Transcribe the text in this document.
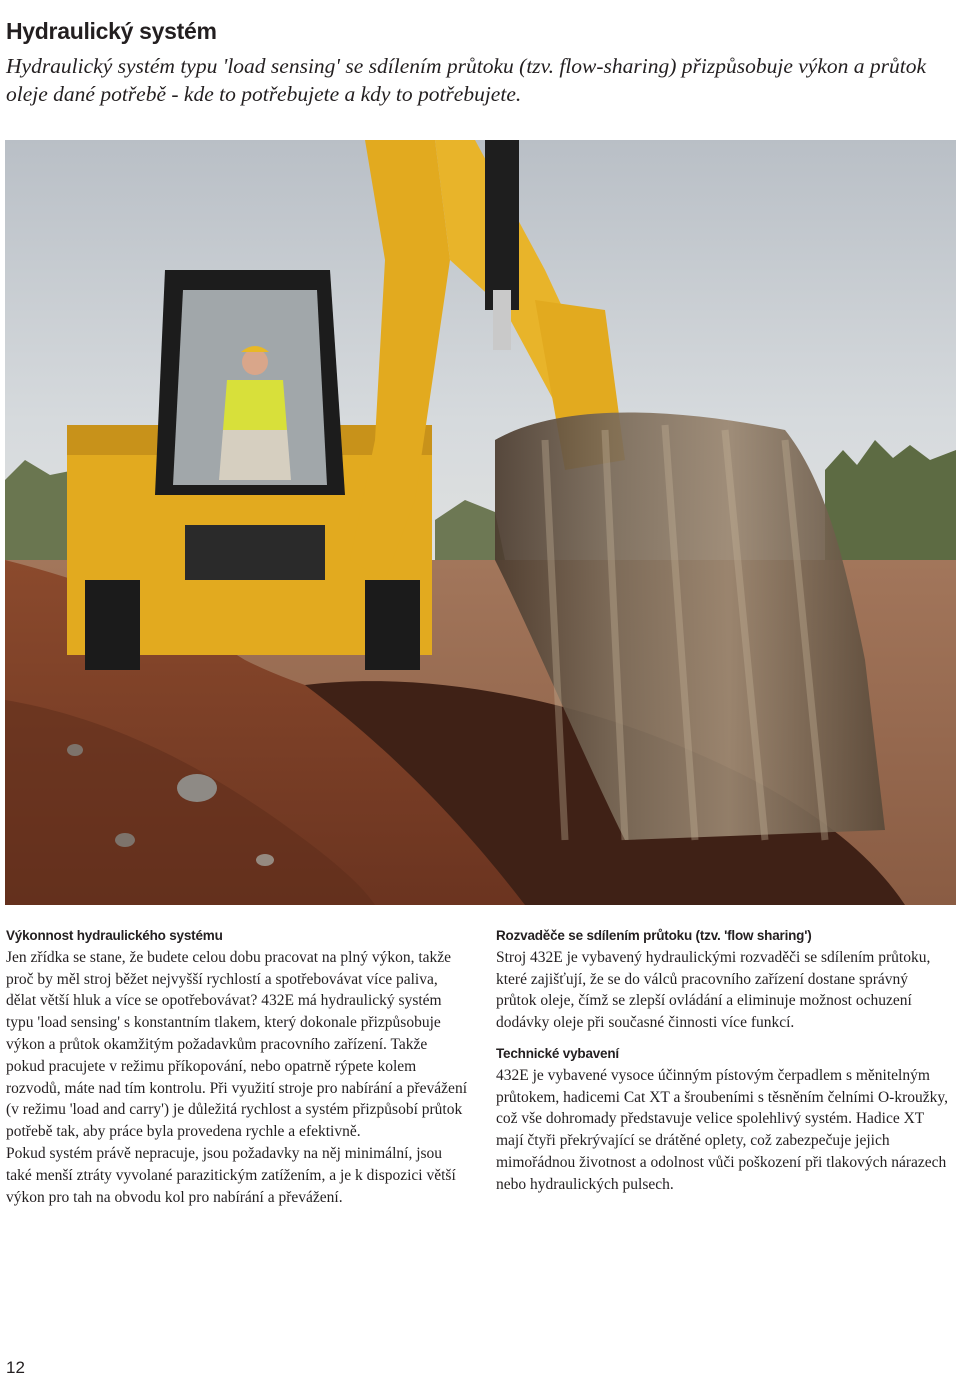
Hydraulický systém
Hydraulický systém typu 'load sensing' se sdílením průtoku (tzv. flow-sharing) přizpůsobuje výkon a průtok oleje dané potřebě - kde to potřebujete a kdy to potřebujete.

Výkonnost hydraulického systému

Jen zřídka se stane, že budete celou dobu pracovat na plný výkon, takže proč by měl stroj běžet nejvyšší rychlostí a spotřebovávat více paliva, dělat větší hluk a více se opotřebovávat? 432E má hydraulický systém typu 'load sensing' s konstantním tlakem, který dokonale přizpůsobuje výkon a průtok okamžitým požadavkům pracovního zařízení. Takže pokud pracujete v režimu příkopování, nebo opatrně rýpete kolem rozvodů, máte nad tím kontrolu. Při využití stroje pro nabírání a převážení (v režimu 'load and carry') je důležitá rychlost a systém přizpůsobí průtok potřebě tak, aby práce byla provedena rychle a efektivně.

Pokud systém právě nepracuje, jsou požadavky na něj minimální, jsou také menší ztráty vyvolané parazitickým zatížením, a je k dispozici větší výkon pro tah na obvodu kol pro nabírání a převážení.

Rozvaděče se sdílením průtoku (tzv. 'flow sharing')

Stroj 432E je vybavený hydraulickými rozvaděči se sdílením průtoku, které zajišťují, že se do válců pracovního zařízení dostane správný průtok oleje, čímž se zlepší ovládání a eliminuje možnost ochuzení dodávky oleje při současné činnosti více funkcí.

Technické vybavení

432E je vybavené vysoce účinným pístovým čerpadlem s měnitelným průtokem, hadicemi Cat XT a šroubeními s těsněním čelními O-kroužky, což vše dohromady představuje velice spolehlivý systém. Hadice XT mají čtyři překrývající se drátěné oplety, což zabezpečuje jejich mimořádnou životnost a odolnost vůči poškození při tlakových nárazech nebo hydraulických pulsech.

12
